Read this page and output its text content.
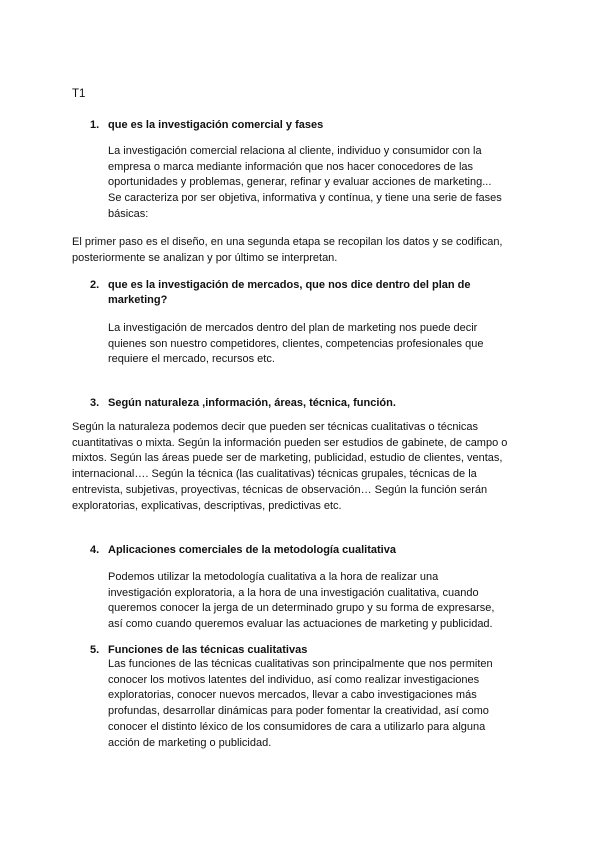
T1
1. que es la investigación comercial y fases
La investigación comercial relaciona al cliente, individuo y consumidor con la empresa o marca mediante información que nos hacer conocedores de las oportunidades y problemas, generar, refinar y evaluar acciones de marketing...
Se caracteriza por ser objetiva, informativa y contínua, y tiene una serie de fases básicas:
El primer paso es el diseño, en una segunda etapa se recopilan los datos y se codifican, posteriormente se analizan y por último se interpretan.
2. que es la investigación de mercados, que nos dice dentro del plan de marketing?
La investigación de mercados dentro del plan de marketing nos puede decir quienes son nuestro competidores, clientes, competencias profesionales que requiere el mercado, recursos etc.
3. Según naturaleza ,información, áreas, técnica, función.
Según la naturaleza podemos decir que pueden ser técnicas cualitativas o técnicas cuantitativas o mixta. Según la información pueden ser estudios de gabinete, de campo o mixtos. Según las áreas puede ser de marketing, publicidad, estudio de clientes, ventas, internacional…. Según la técnica (las cualitativas) técnicas grupales, técnicas de la entrevista, subjetivas, proyectivas, técnicas de observación… Según la función serán exploratorias, explicativas, descriptivas, predictivas etc.
4. Aplicaciones comerciales de la metodología cualitativa
Podemos utilizar la metodología cualitativa a la hora de realizar una investigación exploratoria, a la hora de una investigación cualitativa, cuando queremos conocer la jerga de un determinado grupo y su forma de expresarse, así como cuando queremos evaluar las actuaciones de marketing y publicidad.
5. Funciones de las técnicas cualitativas
Las funciones de las técnicas cualitativas son principalmente que nos permiten conocer los motivos latentes del individuo, así como realizar investigaciones exploratorias, conocer nuevos mercados, llevar a cabo investigaciones más profundas, desarrollar dinámicas para poder fomentar la creatividad, así como conocer el distinto léxico de los consumidores de cara a utilizarlo para alguna acción de marketing o publicidad.
